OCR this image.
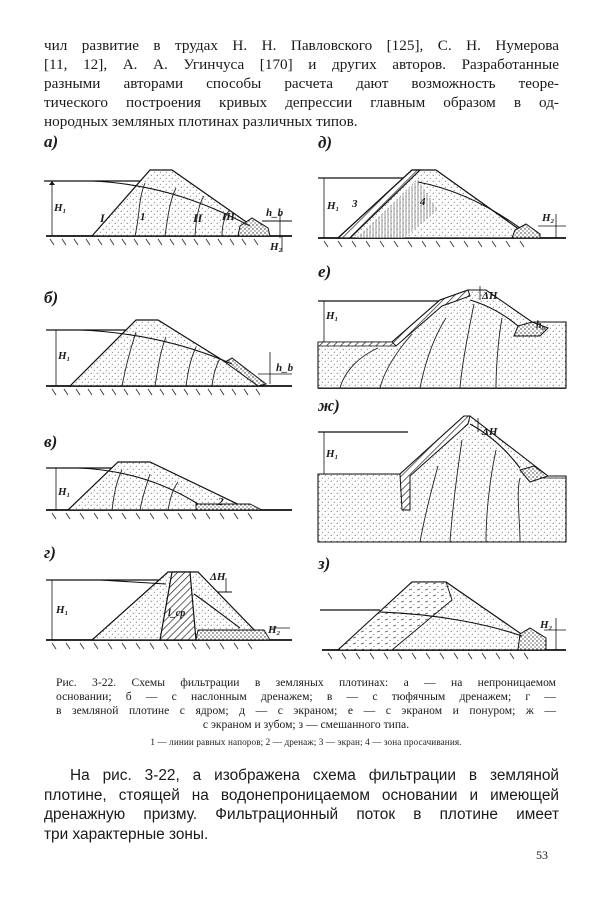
чил развитие в трудах Н. Н. Павловского [125], С. Н. Нумерова
[11, 12], А. А. Угинчуса [170] и других авторов. Разработанные
разными авторами способы расчета дают возможность теоре-
тического построения кривых депрессии главным образом в од-
нородных земляных плотинах различных типов.
а)
б)
в)
г)
д)
е)
ж)
з)
H₁
I	1	II III	h_b
H₂
H₁
h_b
H₁
2
H₁
ΔH
l_cp
H₂
H₁ 3	4
H₂
H₁
ΔH
h₀
H₁
ΔH
H₂
Рис. 3-22. Схемы фильтрации в земляных плотинах: а — на непроницаемом
основании; б — с наслонным дренажем; в — с тюфячным дренажем; г —
в земляной плотине с ядром; д — с экраном; е — с экраном и понуром; ж —
с экраном и зубом; з — смешанного типа.
1 — линии равных напоров; 2 — дренаж; 3 — экран; 4 — зона просачивания.
На рис. 3-22, а изображена схема фильтрации в земляной
плотине, стоящей на водонепроницаемом основании и имеющей
дренажную призму. Фильтрационный поток в плотине имеет
три характерные зоны.
53
